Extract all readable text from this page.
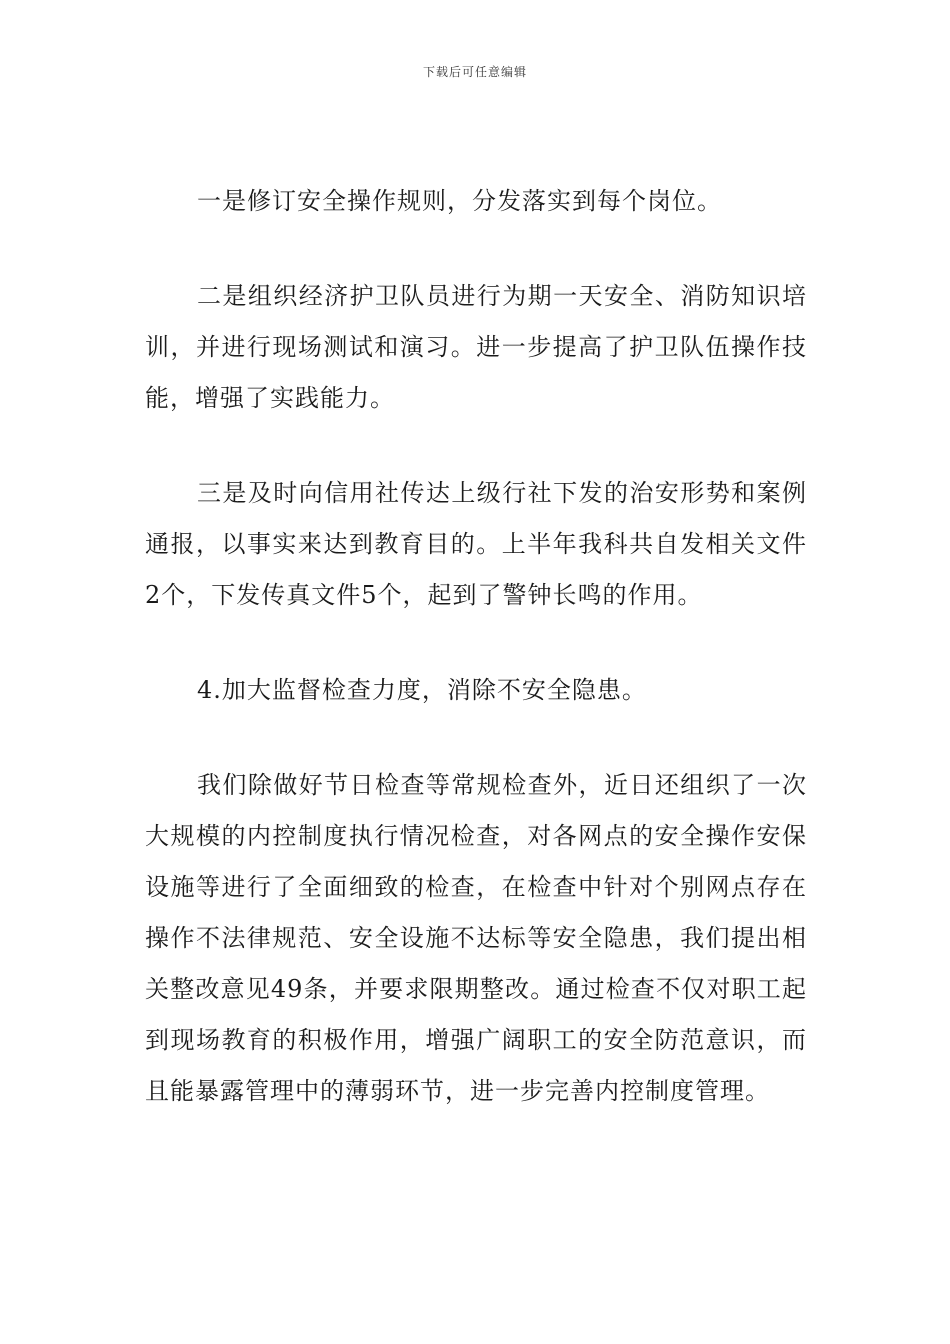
下载后可任意编辑

一是修订安全操作规则，分发落实到每个岗位。

二是组织经济护卫队员进行为期一天安全、消防知识培训，并进行现场测试和演习。进一步提高了护卫队伍操作技能，增强了实践能力。

三是及时向信用社传达上级行社下发的治安形势和案例通报，以事实来达到教育目的。上半年我科共自发相关文件2个，下发传真文件5个，起到了警钟长鸣的作用。

4.加大监督检查力度，消除不安全隐患。

我们除做好节日检查等常规检查外，近日还组织了一次大规模的内控制度执行情况检查，对各网点的安全操作安保设施等进行了全面细致的检查，在检查中针对个别网点存在操作不法律规范、安全设施不达标等安全隐患，我们提出相关整改意见49条，并要求限期整改。通过检查不仅对职工起到现场教育的积极作用，增强广阔职工的安全防范意识，而且能暴露管理中的薄弱环节，进一步完善内控制度管理。
